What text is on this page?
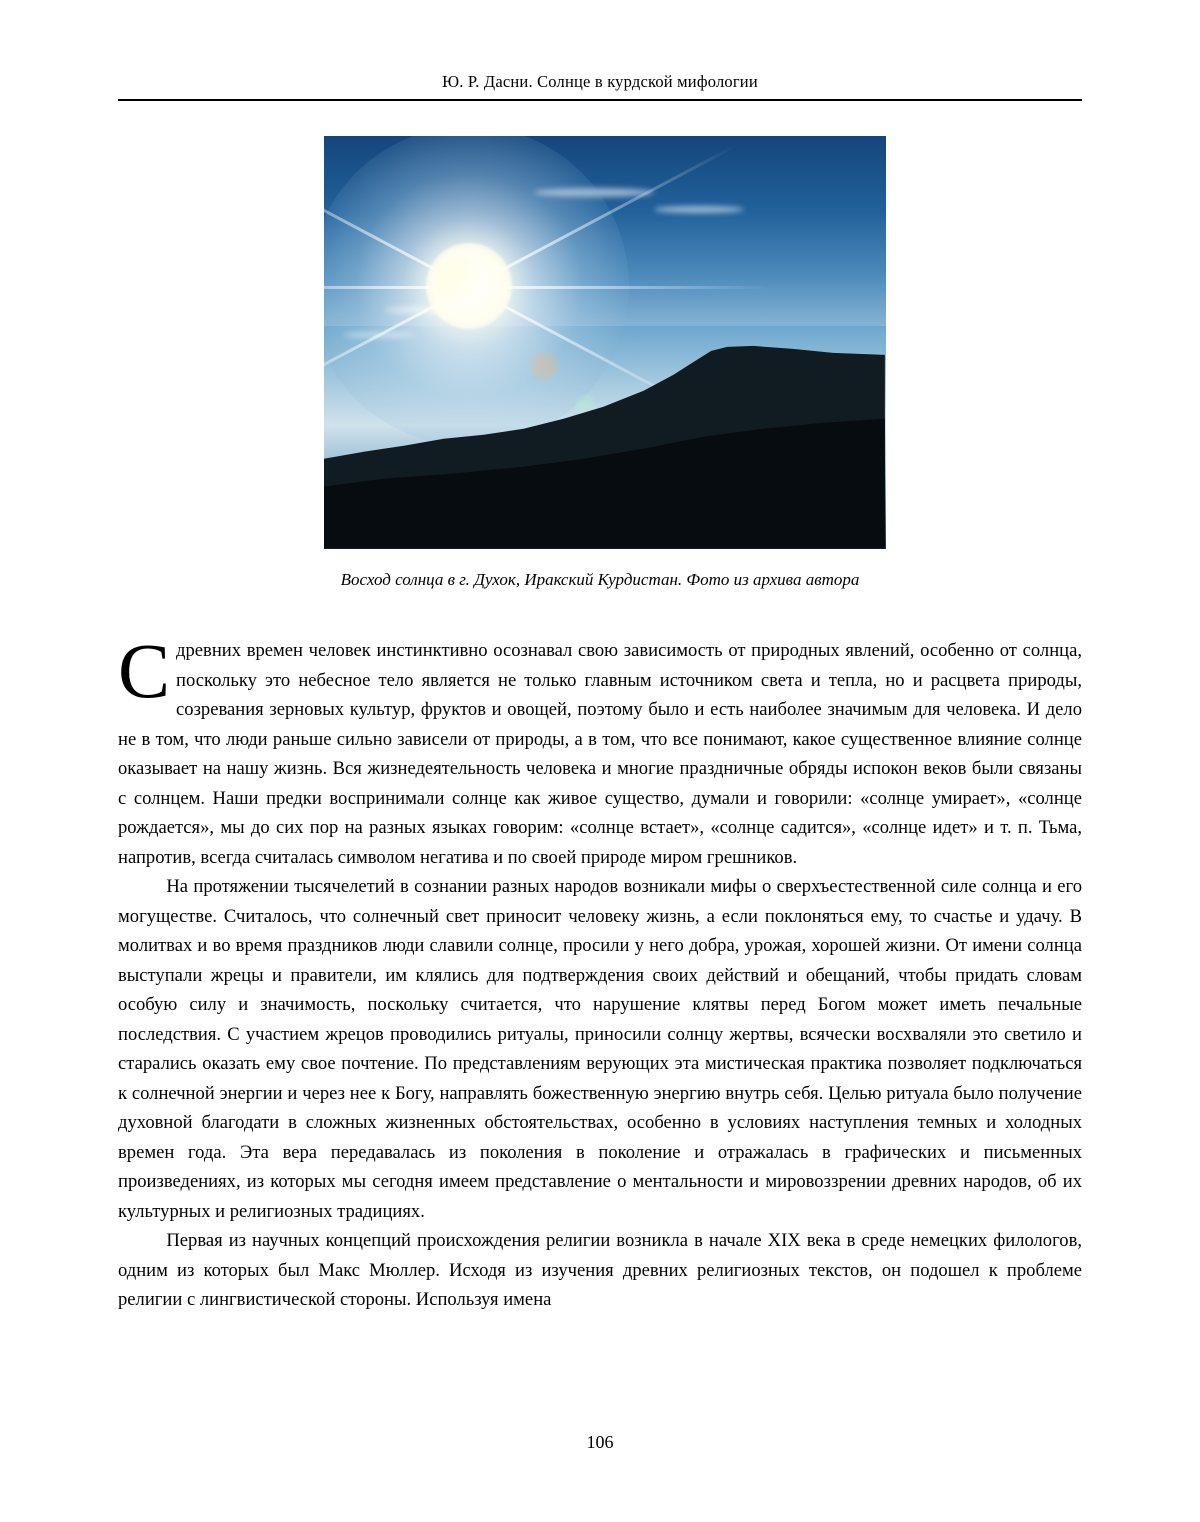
Ю. Р. Дасни. Солнце в курдской мифологии
Восход солнца в г. Духок, Иракский Курдистан. Фото из архива автора

Сдревних времен человек инстинктивно осознавал свою зависимость от природных явлений, особенно от солнца, поскольку это небесное тело является не только главным источником света и тепла, но и расцвета природы, созревания зерновых культур, фруктов и овощей, поэтому было и есть наиболее значимым для человека. И дело не в том, что люди раньше сильно зависели от природы, а в том, что все понимают, какое существенное влияние солнце оказывает на нашу жизнь. Вся жизнедеятельность человека и многие праздничные обряды испокон веков были связаны с солнцем. Наши предки воспринимали солнце как живое существо, думали и говорили: «солнце умирает», «солнце рождается», мы до сих пор на разных языках говорим: «солнце встает», «солнце садится», «солнце идет» и т. п. Тьма, напротив, всегда считалась символом негатива и по своей природе миром грешников.

На протяжении тысячелетий в сознании разных народов возникали мифы о сверхъестественной силе солнца и его могуществе. Считалось, что солнечный свет приносит человеку жизнь, а если поклоняться ему, то счастье и удачу. В молитвах и во время праздников люди славили солнце, просили у него добра, урожая, хорошей жизни. От имени солнца выступали жрецы и правители, им клялись для подтверждения своих действий и обещаний, чтобы придать словам особую силу и значимость, поскольку считается, что нарушение клятвы перед Богом может иметь печальные последствия. С участием жрецов проводились ритуалы, приносили солнцу жертвы, всячески восхваляли это светило и старались оказать ему свое почтение. По представлениям верующих эта мистическая практика позволяет подключаться к солнечной энергии и через нее к Богу, направлять божественную энергию внутрь себя. Целью ритуала было получение духовной благодати в сложных жизненных обстоятельствах, особенно в условиях наступления темных и холодных времен года. Эта вера передавалась из поколения в поколение и отражалась в графических и письменных произведениях, из которых мы сегодня имеем представление о ментальности и мировоззрении древних народов, об их культурных и религиозных традициях.

Первая из научных концепций происхождения религии возникла в начале XIX века в среде немецких филологов, одним из которых был Макс Мюллер. Исходя из изучения древних религиозных текстов, он подошел к проблеме религии с лингвистической стороны. Используя имена

106
